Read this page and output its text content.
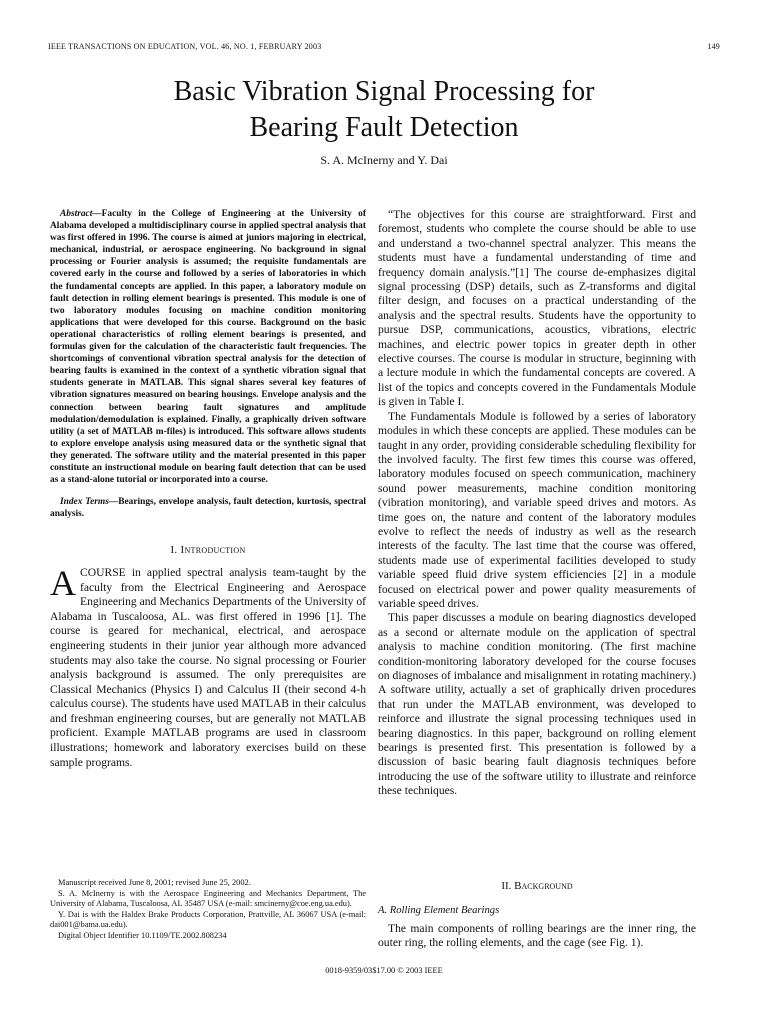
IEEE TRANSACTIONS ON EDUCATION, VOL. 46, NO. 1, FEBRUARY 2003	149
Basic Vibration Signal Processing for
Bearing Fault Detection
S. A. McInerny and Y. Dai

Abstract—Faculty in the College of Engineering at the University of Alabama developed a multidisciplinary course in applied spectral analysis that was first offered in 1996. The course is aimed at juniors majoring in electrical, mechanical, industrial, or aerospace engineering. No background in signal processing or Fourier analysis is assumed; the requisite fundamentals are covered early in the course and followed by a series of laboratories in which the fundamental concepts are applied. In this paper, a laboratory module on fault detection in rolling element bearings is presented. This module is one of two laboratory modules focusing on machine condition monitoring applications that were developed for this course. Background on the basic operational characteristics of rolling element bearings is presented, and formulas given for the calculation of the characteristic fault frequencies. The shortcomings of conventional vibration spectral analysis for the detection of bearing faults is examined in the context of a synthetic vibration signal that students generate in MATLAB. This signal shares several key features of vibration signatures measured on bearing housings. Envelope analysis and the connection between bearing fault signatures and amplitude modulation/demodulation is explained. Finally, a graphically driven software utility (a set of MATLAB m-files) is introduced. This software allows students to explore envelope analysis using measured data or the synthetic signal that they generated. The software utility and the material presented in this paper constitute an instructional module on bearing fault detection that can be used as a stand-alone tutorial or incorporated into a course.

Index Terms—Bearings, envelope analysis, fault detection, kurtosis, spectral analysis.

I. Introduction

ACOURSE in applied spectral analysis team-taught by the faculty from the Electrical Engineering and Aerospace Engineering and Mechanics Departments of the University of Alabama in Tuscaloosa, AL. was first offered in 1996 [1]. The course is geared for mechanical, electrical, and aerospace engineering students in their junior year although more advanced students may also take the course. No signal processing or Fourier analysis background is assumed. The only prerequisites are Classical Mechanics (Physics I) and Calculus II (their second 4-h calculus course). The students have used MATLAB in their calculus and freshman engineering courses, but are generally not MATLAB proficient. Example MATLAB programs are used in classroom illustrations; homework and laboratory exercises build on these sample programs.

Manuscript received June 8, 2001; revised June 25, 2002.

S. A. McInerny is with the Aerospace Engineering and Mechanics Department, The University of Alabama, Tuscaloosa, AL 35487 USA (e-mail: smcinerny@coe.eng.ua.edu).

Y. Dai is with the Haldex Brake Products Corporation, Prattville, AL 36067 USA (e-mail: dai001@bama.ua.edu).

Digital Object Identifier 10.1109/TE.2002.808234

“The objectives for this course are straightforward. First and foremost, students who complete the course should be able to use and understand a two-channel spectral analyzer. This means the students must have a fundamental understanding of time and frequency domain analysis.”[1] The course de-emphasizes digital signal processing (DSP) details, such as Z-transforms and digital filter design, and focuses on a practical understanding of the analysis and the spectral results. Students have the opportunity to pursue DSP, communications, acoustics, vibrations, electric machines, and electric power topics in greater depth in other elective courses. The course is modular in structure, beginning with a lecture module in which the fundamental concepts are covered. A list of the topics and concepts covered in the Fundamentals Module is given in Table I.

The Fundamentals Module is followed by a series of laboratory modules in which these concepts are applied. These modules can be taught in any order, providing considerable scheduling flexibility for the involved faculty. The first few times this course was offered, laboratory modules focused on speech communication, machinery sound power measurements, machine condition monitoring (vibration monitoring), and variable speed drives and motors. As time goes on, the nature and content of the laboratory modules evolve to reflect the needs of industry as well as the research interests of the faculty. The last time that the course was offered, students made use of experimental facilities developed to study variable speed fluid drive system efficiencies [2] in a module focused on electrical power and power quality measurements of variable speed drives.

This paper discusses a module on bearing diagnostics developed as a second or alternate module on the application of spectral analysis to machine condition monitoring. (The first machine condition-monitoring laboratory developed for the course focuses on diagnoses of imbalance and misalignment in rotating machinery.) A software utility, actually a set of graphically driven procedures that run under the MATLAB environment, was developed to reinforce and illustrate the signal processing techniques used in bearing diagnostics. In this paper, background on rolling element bearings is presented first. This presentation is followed by a discussion of basic bearing fault diagnosis techniques before introducing the use of the software utility to illustrate and reinforce these techniques.

II. Background
A. Rolling Element Bearings

The main components of rolling bearings are the inner ring, the outer ring, the rolling elements, and the cage (see Fig. 1).

0018-9359/03$17.00 © 2003 IEEE
